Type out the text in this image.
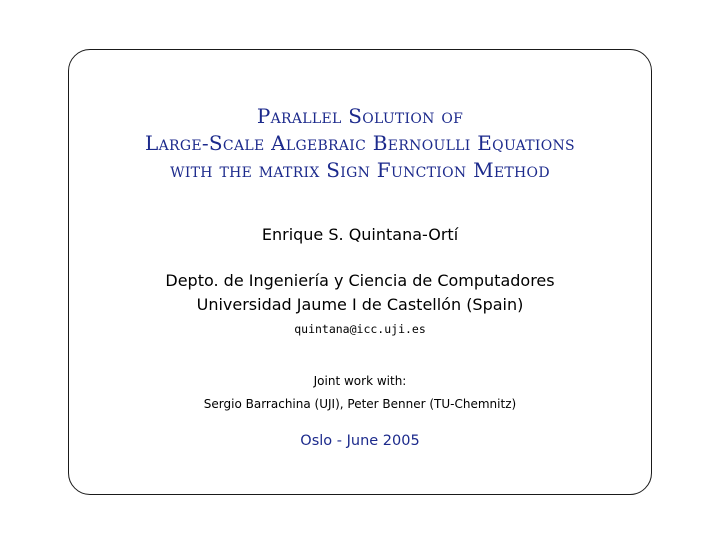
Parallel Solution of
Large-Scale Algebraic Bernoulli Equations
with the matrix Sign Function Method
Enrique S. Quintana-Ortí
Depto. de Ingeniería y Ciencia de Computadores
Universidad Jaume I de Castellón (Spain)
quintana@icc.uji.es
Joint work with:
Sergio Barrachina (UJI), Peter Benner (TU-Chemnitz)
Oslo - June 2005
